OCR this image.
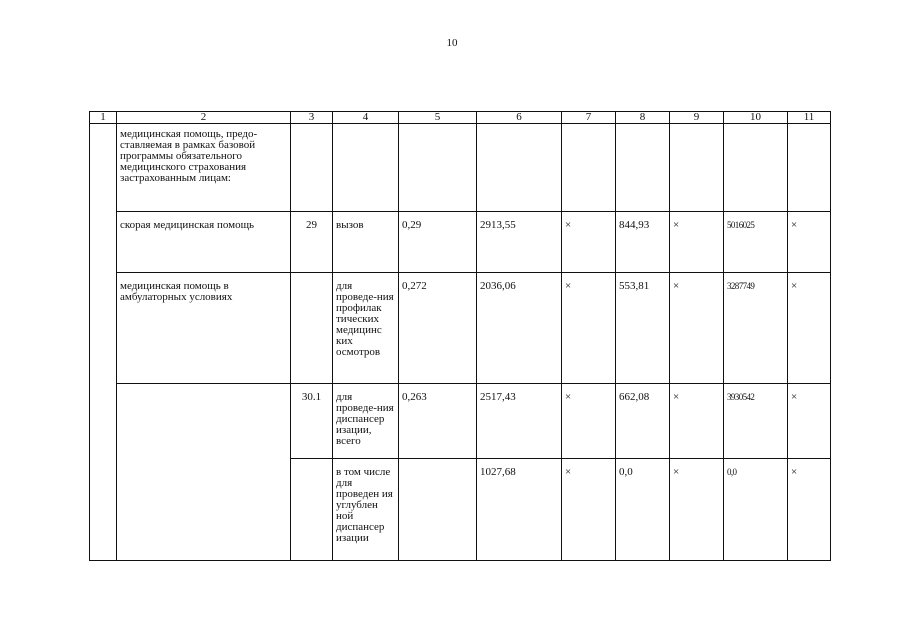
10
1	2	3	4	5	6	7	8	9	10	11
	медицинская помощь, предо-ставляемая в рамках базовой программы обязательного медицинского страхования застрахованным лицам:									
	скорая медицинская помощь	29	вызов	0,29	2913,55	×	844,93	×	5016025	×
	медицинская помощь в амбулаторных условиях		для проведе-ния профилак тических медицинс ких осмотров	0,272	2036,06	×	553,81	×	3287749	×
		30.1	для проведе-ния диспансер изации, всего	0,263	2517,43	×	662,08	×	3930542	×
			в том числе для проведен ия углублен ной диспансер изации		1027,68	×	0,0	×	0,0	×
